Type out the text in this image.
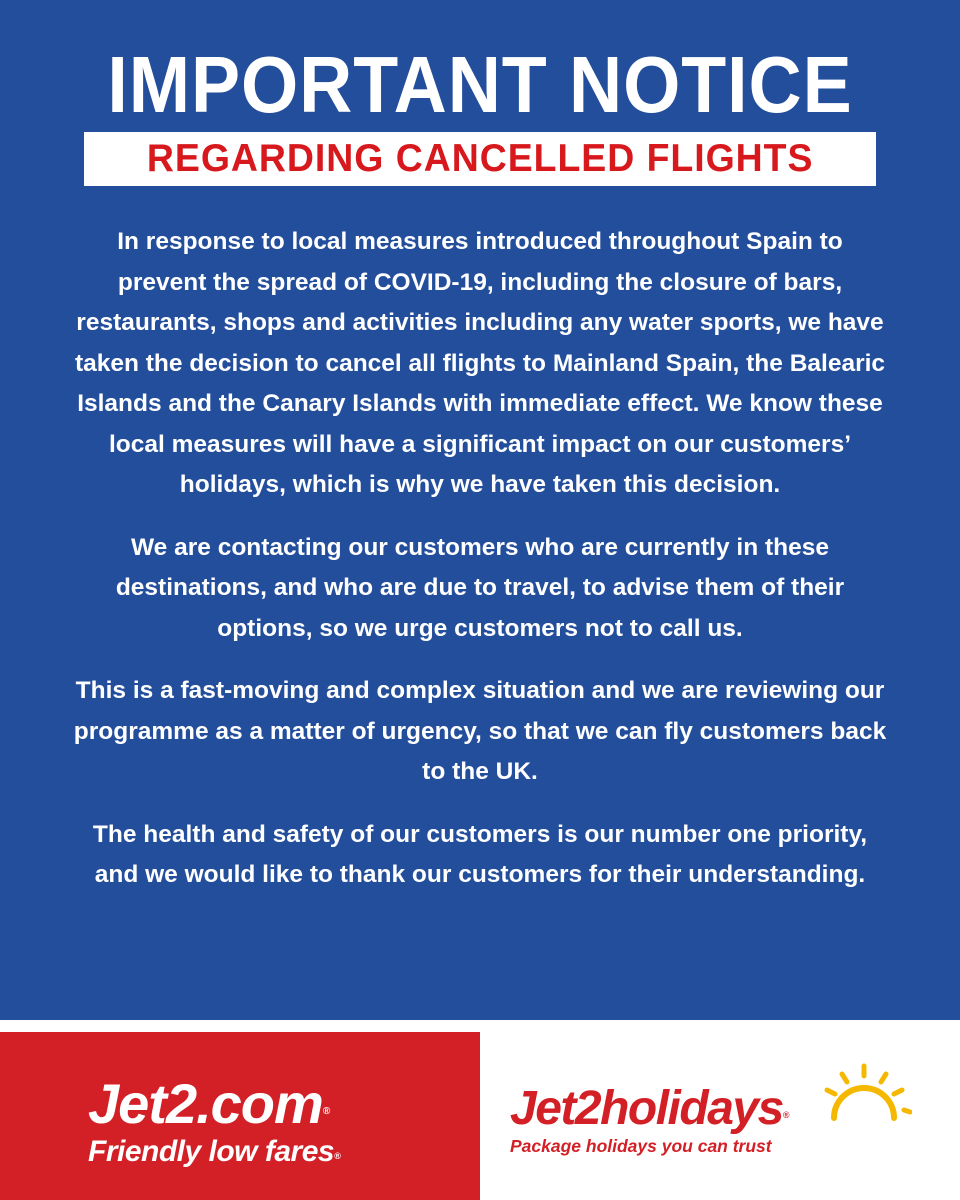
IMPORTANT NOTICE
REGARDING CANCELLED FLIGHTS

In response to local measures introduced throughout Spain to prevent the spread of COVID-19, including the closure of bars, restaurants, shops and activities including any water sports, we have taken the decision to cancel all flights to Mainland Spain, the Balearic Islands and the Canary Islands with immediate effect. We know these local measures will have a significant impact on our customers’ holidays, which is why we have taken this decision.

We are contacting our customers who are currently in these destinations, and who are due to travel, to advise them of their options, so we urge customers not to call us.

This is a fast-moving and complex situation and we are reviewing our programme as a matter of urgency, so that we can fly customers back to the UK.

The health and safety of our customers is our number one priority, and we would like to thank our customers for their understanding.

Jet2.com®
Friendly low fares®
Jet2holidays®
Package holidays you can trust
